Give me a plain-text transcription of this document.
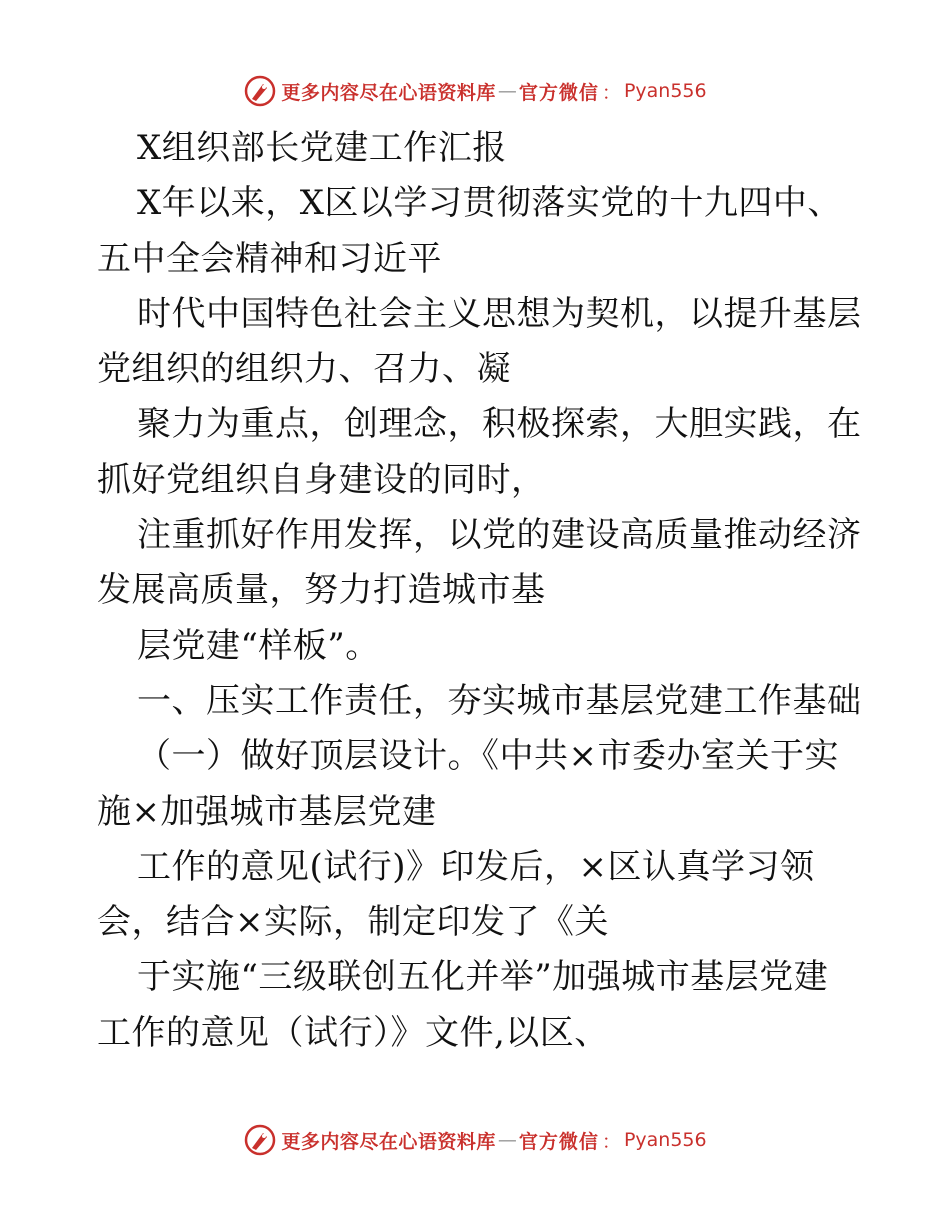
更多内容尽在心语资料库 — 官方微信 ： Pyan556
X组织部长党建工作汇报
X年以来，X区以学习贯彻落实党的十九四中、
五中全会精神和习近平
时代中国特色社会主义思想为契机，以提升基层
党组织的组织力、召力、凝
聚力为重点，创理念，积极探索，大胆实践，在
抓好党组织自身建设的同时，
注重抓好作用发挥，以党的建设高质量推动经济
发展高质量，努力打造城市基
层党建“样板”。
一、压实工作责任，夯实城市基层党建工作基础
（一）做好顶层设计。《中共×市委办室关于实
施×加强城市基层党建
工作的意见(试行)》印发后，×区认真学习领
会，结合×实际，制定印发了《关
于实施“三级联创五化并举”加强城市基层党建
工作的意见（试行）》文件,以区、
更多内容尽在心语资料库 — 官方微信 ： Pyan556
